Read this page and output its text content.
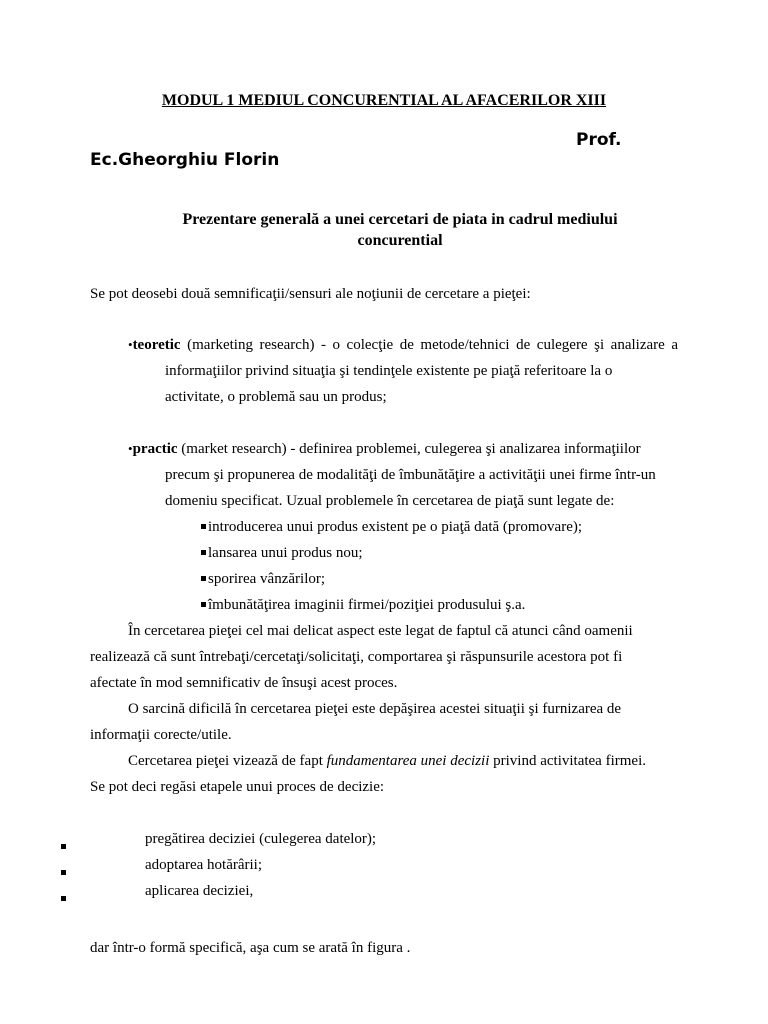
MODUL 1 MEDIUL CONCURENTIAL AL AFACERILOR XIII
Prof.
Ec.Gheorghiu Florin
Prezentare generală a unei cercetari de piata in cadrul mediului
concurential
Se pot deosebi două semnificaţii/sensuri ale noţiunii de cercetare a pieţei:
•teoretic (marketing research) - o colecţie de metode/tehnici de culegere şi analizare a
informaţiilor privind situaţia şi tendinţele existente pe piaţă referitoare la o
activitate, o problemă sau un produs;
•practic (market research) - definirea problemei, culegerea şi analizarea informaţiilor
precum şi propunerea de modalităţi de îmbunătăţire a activităţii unei firme într-un
domeniu specificat. Uzual problemele în cercetarea de piaţă sunt legate de:
introducerea unui produs existent pe o piaţă dată (promovare);
lansarea unui produs nou;
sporirea vânzărilor;
îmbunătăţirea imaginii firmei/poziţiei produsului ş.a.
În cercetarea pieţei cel mai delicat aspect este legat de faptul că atunci când oamenii
realizează că sunt întrebaţi/cercetaţi/solicitaţi, comportarea şi răspunsurile acestora pot fi
afectate în mod semnificativ de însuşi acest proces.
O sarcină dificilă în cercetarea pieţei este depăşirea acestei situaţii şi furnizarea de
informaţii corecte/utile.
Cercetarea pieţei vizează de fapt fundamentarea unei decizii privind activitatea firmei.
Se pot deci regăsi etapele unui proces de decizie:
pregătirea deciziei (culegerea datelor);
adoptarea hotărârii;
aplicarea deciziei,
dar într-o formă specifică, aşa cum se arată în figura .
